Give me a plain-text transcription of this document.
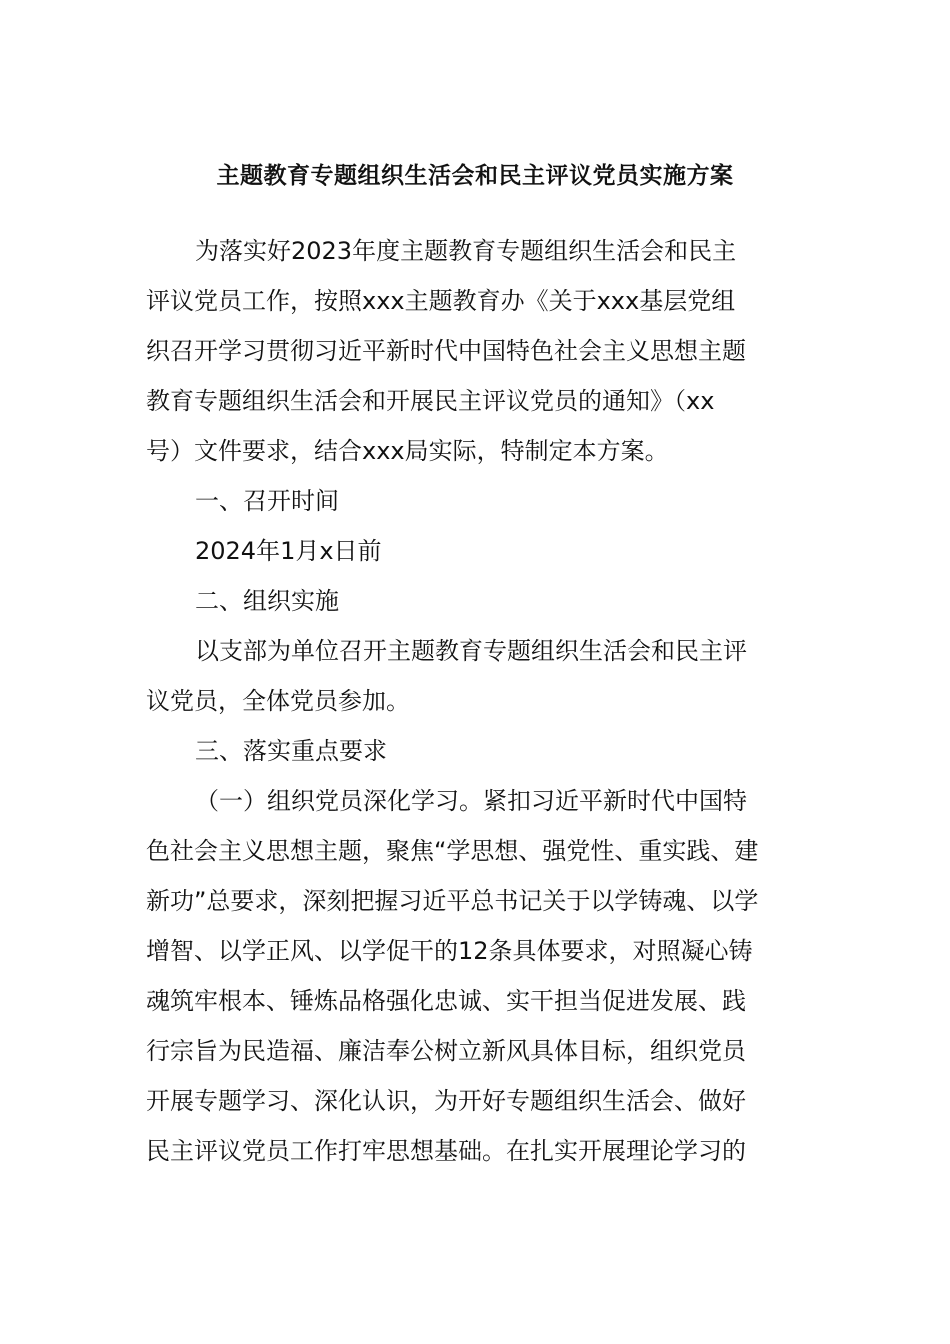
主题教育专题组织生活会和民主评议党员实施方案
为落实好2023年度主题教育专题组织生活会和民主
评议党员工作，按照xxx主题教育办《关于xxx基层党组
织召开学习贯彻习近平新时代中国特色社会主义思想主题
教育专题组织生活会和开展民主评议党员的通知》（xx
号）文件要求，结合xxx局实际，特制定本方案。
一、召开时间
2024年1月x日前
二、组织实施
以支部为单位召开主题教育专题组织生活会和民主评
议党员，全体党员参加。
三、落实重点要求
（一）组织党员深化学习。紧扣习近平新时代中国特
色社会主义思想主题，聚焦“学思想、强党性、重实践、建
新功”总要求，深刻把握习近平总书记关于以学铸魂、以学
增智、以学正风、以学促干的12条具体要求，对照凝心铸
魂筑牢根本、锤炼品格强化忠诚、实干担当促进发展、践
行宗旨为民造福、廉洁奉公树立新风具体目标，组织党员
开展专题学习、深化认识，为开好专题组织生活会、做好
民主评议党员工作打牢思想基础。在扎实开展理论学习的
